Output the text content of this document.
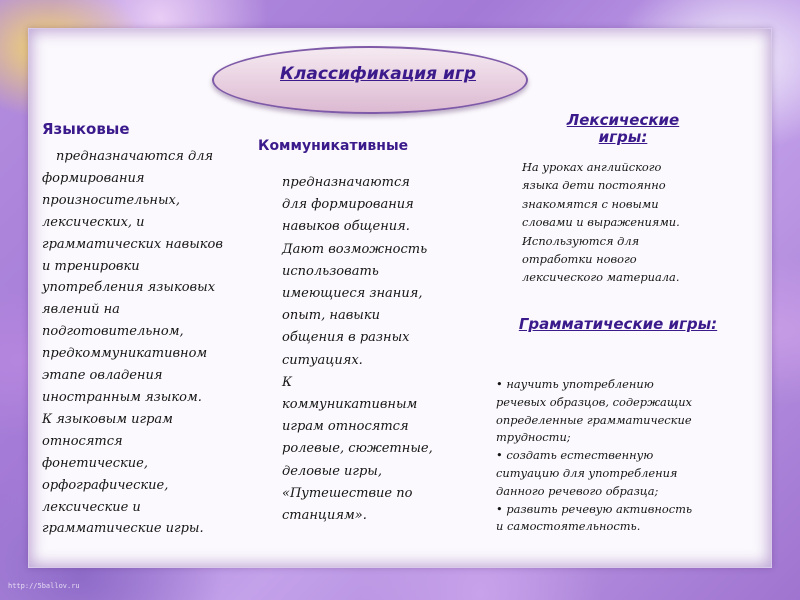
Классификация игр
Языковые
предназначаются для
формирования
произносительных,
лексических, и
грамматических навыков
и тренировки
употребления языковых
явлений на
подготовительном,
предкоммуникативном
этапе овладения
иностранным языком.
К языковым играм
относятся
фонетические,
орфографические,
лексические и
грамматические игры.
Коммуникативные
предназначаются
для формирования
навыков общения.
Дают возможность
использовать
имеющиеся знания,
опыт, навыки
общения в разных
ситуациях.
К
коммуникативным
играм относятся
ролевые, сюжетные,
деловые игры,
«Путешествие по
станциям».
Лексические игры:
На уроках английского
языка дети постоянно
знакомятся с новыми
словами и выражениями.
Используются для
отработки нового
лексического материала.
Грамматические игры:
• научить употреблению
речевых образцов, содержащих
определенные грамматические
трудности;
• создать естественную
ситуацию для употребления
данного речевого образца;
• развить речевую активность
и самостоятельность.
http://5ballov.ru
